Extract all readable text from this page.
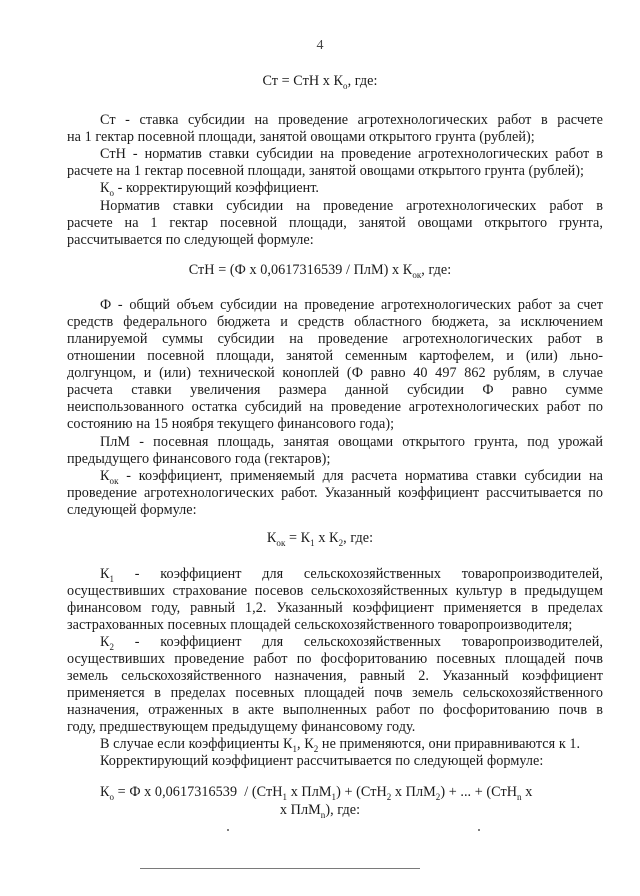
4
Ст = СтН х $К_о$, где:
Ст - ставка субсидии на проведение агротехнологических работ в расчете
на 1 гектар посевной площади, занятой овощами открытого грунта (рублей);
СтН - норматив ставки субсидии на проведение агротехнологических работ в
расчете на 1 гектар посевной площади, занятой овощами открытого грунта (рублей);
$К_о$ - корректирующий коэффициент.
Норматив ставки субсидии на проведение агротехнологических работ в
расчете на 1 гектар посевной площади, занятой овощами открытого грунта,
рассчитывается по следующей формуле:
СтН = (Ф х 0,0617316539 / ПлМ) х $К_{ок}$, где:
Ф - общий объем субсидии на проведение агротехнологических работ за счет
средств федерального бюджета и средств областного бюджета, за исключением
планируемой суммы субсидии на проведение агротехнологических работ в
отношении посевной площади, занятой семенным картофелем, и (или) льно-
долгунцом, и (или) технической коноплей (Ф равно 40 497 862 рублям, в случае
расчета ставки увеличения размера данной субсидии Ф равно сумме
неиспользованного остатка субсидий на проведение агротехнологических работ по
состоянию на 15 ноября текущего финансового года);
ПлМ - посевная площадь, занятая овощами открытого грунта, под урожай
предыдущего финансового года (гектаров);
$К_{ок}$ - коэффициент, применяемый для расчета норматива ставки субсидии на
проведение агротехнологических работ. Указанный коэффициент рассчитывается по
следующей формуле:
$К_{ок} = К_1$ х $К_2$, где:
$К_1$ - коэффициент для сельскохозяйственных товаропроизводителей,
осуществивших страхование посевов сельскохозяйственных культур в предыдущем
финансовом году, равный 1,2. Указанный коэффициент применяется в пределах
застрахованных посевных площадей сельскохозяйственного товаропроизводителя;
$К_2$ - коэффициент для сельскохозяйственных товаропроизводителей,
осуществивших проведение работ по фосфоритованию посевных площадей почв
земель сельскохозяйственного назначения, равный 2. Указанный коэффициент
применяется в пределах посевных площадей почв земель сельскохозяйственного
назначения, отраженных в акте выполненных работ по фосфоритованию почв в
году, предшествующем предыдущему финансовому году.
В случае если коэффициенты $К_1$, $К_2$ не применяются, они приравниваются к 1.
Корректирующий коэффициент рассчитывается по следующей формуле:
$К_о = Ф$ х 0,0617316539  / (СтН$_1$ х ПлМ$_1$) + (СтН$_2$ х ПлМ$_2$) + ... + (СтН$_n$ х
х ПлМ$_n$), где:
